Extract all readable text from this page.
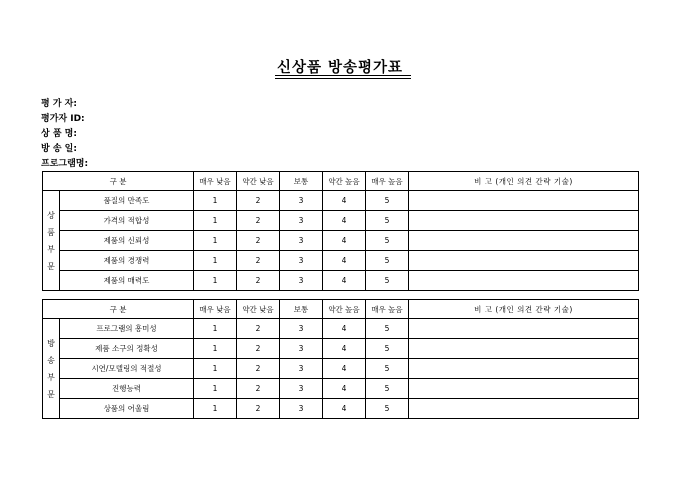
신상품 방송평가표
평 가 자:
평가자 ID:
상 품 명:
방 송 일:
프로그램명:
구 분		매우 낮음	약간 낮음	보통	약간 높음	매우 높음	비 고 (개인 의견 간략 기술)

상
품
부
문	품질의 만족도	1	2	3	4	5	
	가격의 적합성	1	2	3	4	5	
	제품의 신뢰성	1	2	3	4	5	
	제품의 경쟁력	1	2	3	4	5	
	제품의 매력도	1	2	3	4	5	
구 분		매우 낮음	약간 낮음	보통	약간 높음	매우 높음	비 고 (개인 의견 간략 기술)

방
송
부
문	프로그램의 흥미성	1	2	3	4	5	
	제품 소구의 정확성	1	2	3	4	5	
	시연/모델링의 적절성	1	2	3	4	5	
	진행능력	1	2	3	4	5	
	상품의 어울림	1	2	3	4	5	
